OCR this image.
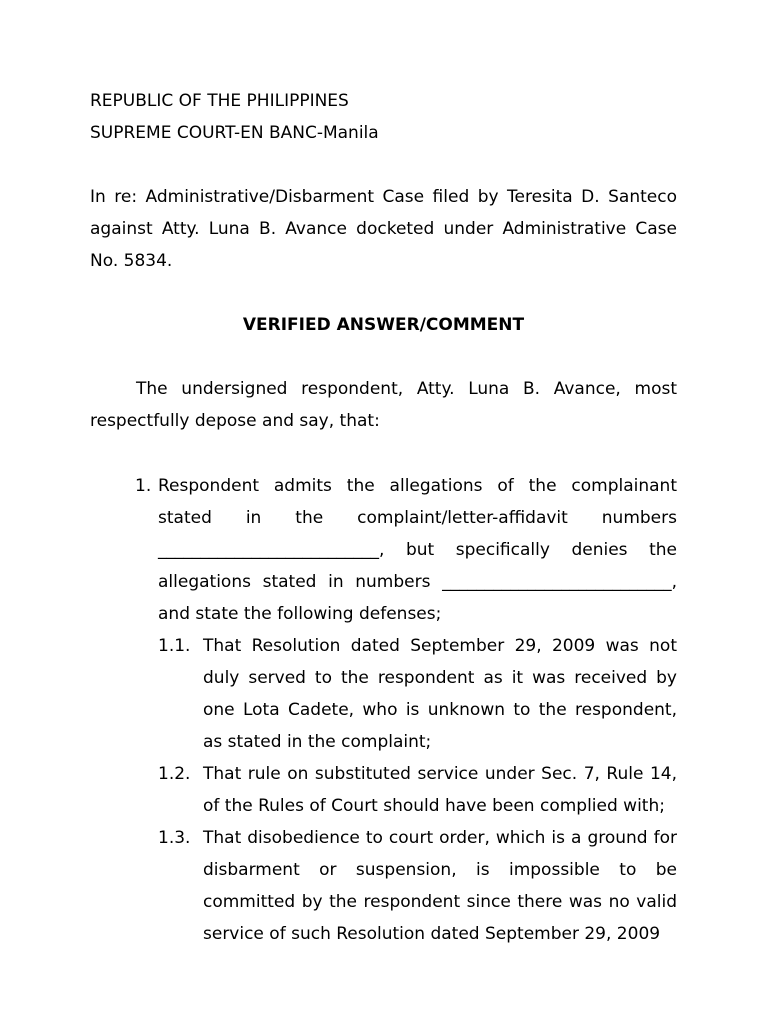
REPUBLIC OF THE PHILIPPINES
SUPREME COURT-EN BANC-Manila
In re: Administrative/Disbarment Case filed by Teresita D. Santeco against Atty. Luna B. Avance docketed under Administrative Case No. 5834.
VERIFIED ANSWER/COMMENT
The undersigned respondent, Atty. Luna B. Avance, most respectfully depose and say, that:
1. Respondent admits the allegations of the complainant stated in the complaint/letter-affidavit numbers __________________________, but specifically denies the allegations stated in numbers ___________________________, and state the following defenses;
1.1. That Resolution dated September 29, 2009 was not duly served to the respondent as it was received by one Lota Cadete, who is unknown to the respondent, as stated in the complaint;
1.2. That rule on substituted service under Sec. 7, Rule 14, of the Rules of Court should have been complied with;
1.3. That disobedience to court order, which is a ground for disbarment or suspension, is impossible to be committed by the respondent since there was no valid service of such Resolution dated September 29, 2009
